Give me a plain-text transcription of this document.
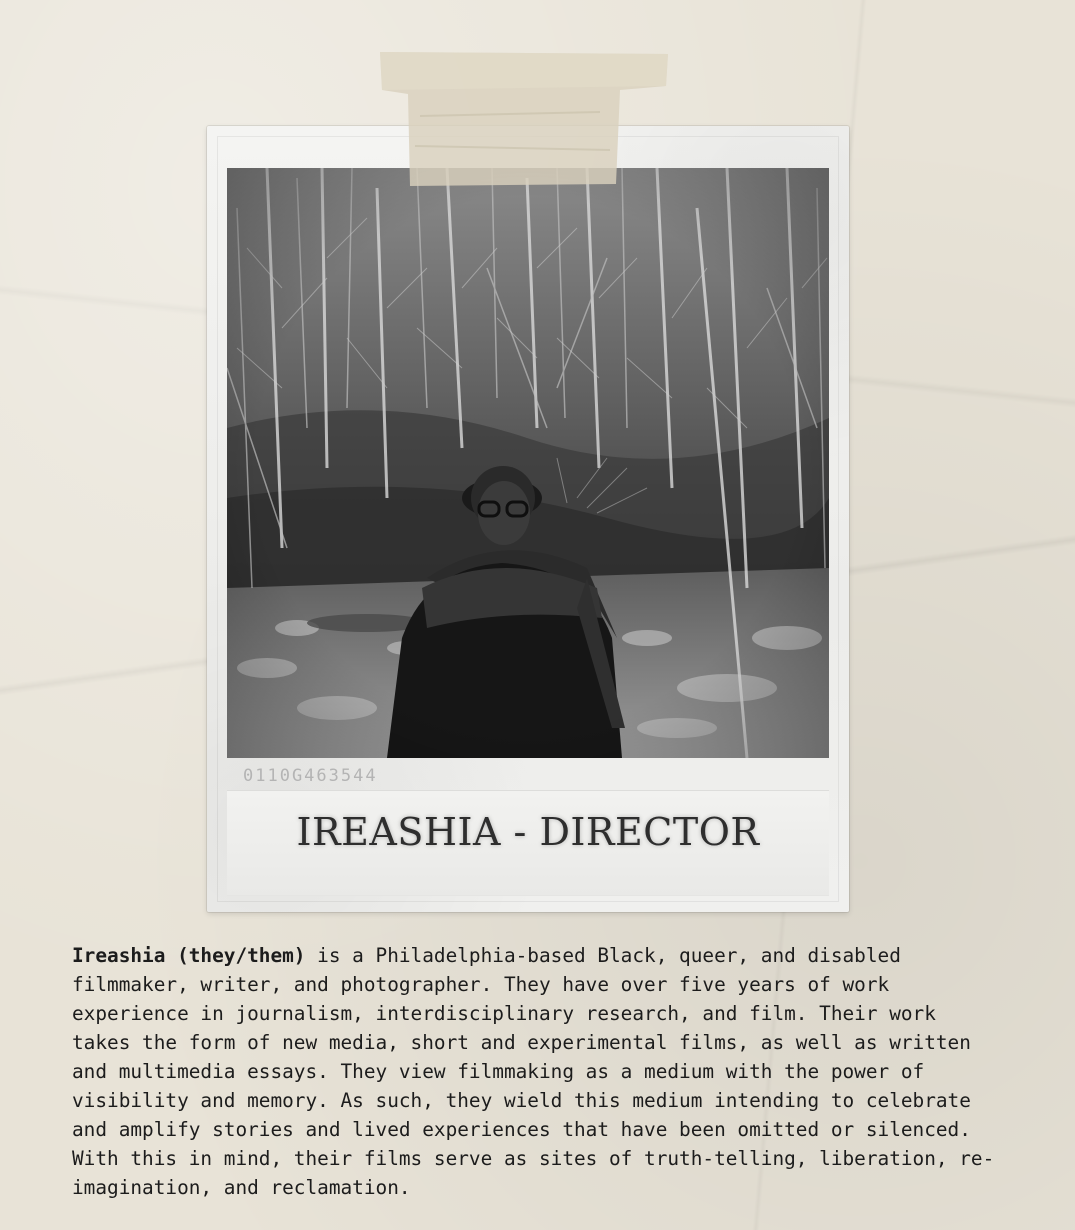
0110G463544
IREASHIA - DIRECTOR

Ireashia (they/them) is a Philadelphia-based Black, queer, and disabled filmmaker, writer, and photographer. They have over five years of work experience in journalism, interdisciplinary research, and film. Their work takes the form of new media, short and experimental films, as well as written and multimedia essays. They view filmmaking as a medium with the power of visibility and memory. As such, they wield this medium intending to celebrate and amplify stories and lived experiences that have been omitted or silenced. With this in mind, their films serve as sites of truth-telling, liberation, re-imagination, and reclamation.
